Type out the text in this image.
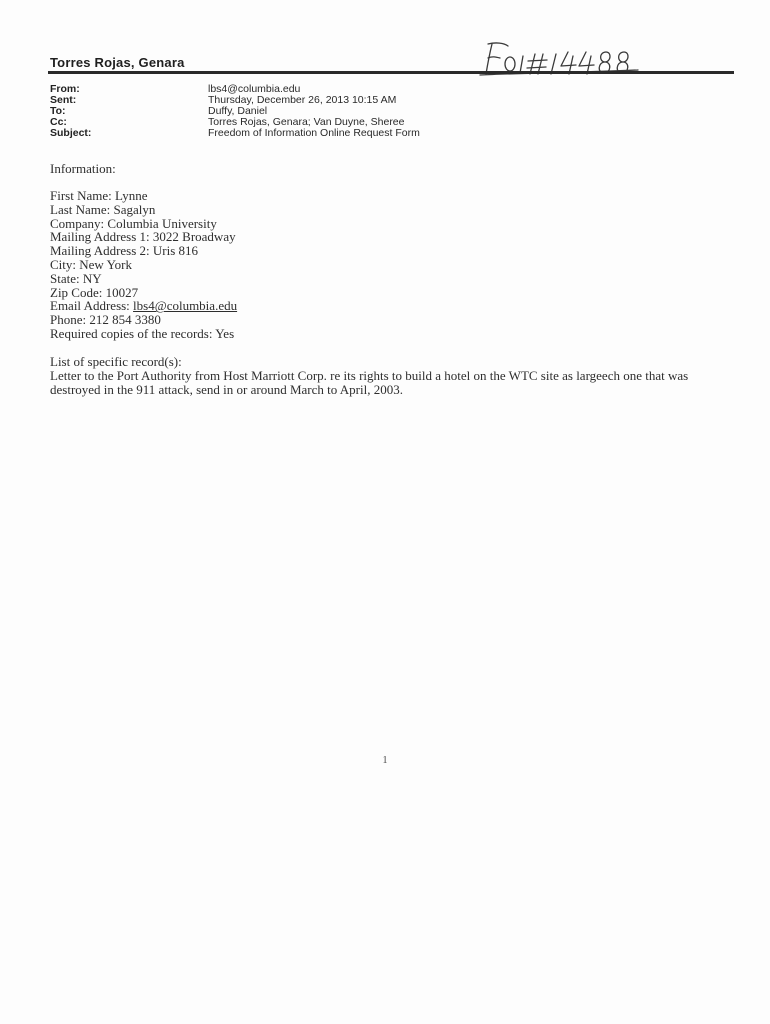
Torres Rojas, Genara
From:	lbs4@columbia.edu
Sent:	Thursday, December 26, 2013 10:15 AM
To:	Duffy, Daniel
Cc:	Torres Rojas, Genara; Van Duyne, Sheree
Subject:	Freedom of Information Online Request Form
Information:
First Name: Lynne
Last Name: Sagalyn
Company: Columbia University
Mailing Address 1: 3022 Broadway
Mailing Address 2: Uris 816
City: New York
State: NY
Zip Code: 10027
Email Address: lbs4@columbia.edu
Phone: 212 854 3380
Required copies of the records: Yes
List of specific record(s):
Letter to the Port Authority from Host Marriott Corp. re its rights to build a hotel on the WTC site as largeech one that was destroyed in the 911 attack, send in or around March to April, 2003.
1
